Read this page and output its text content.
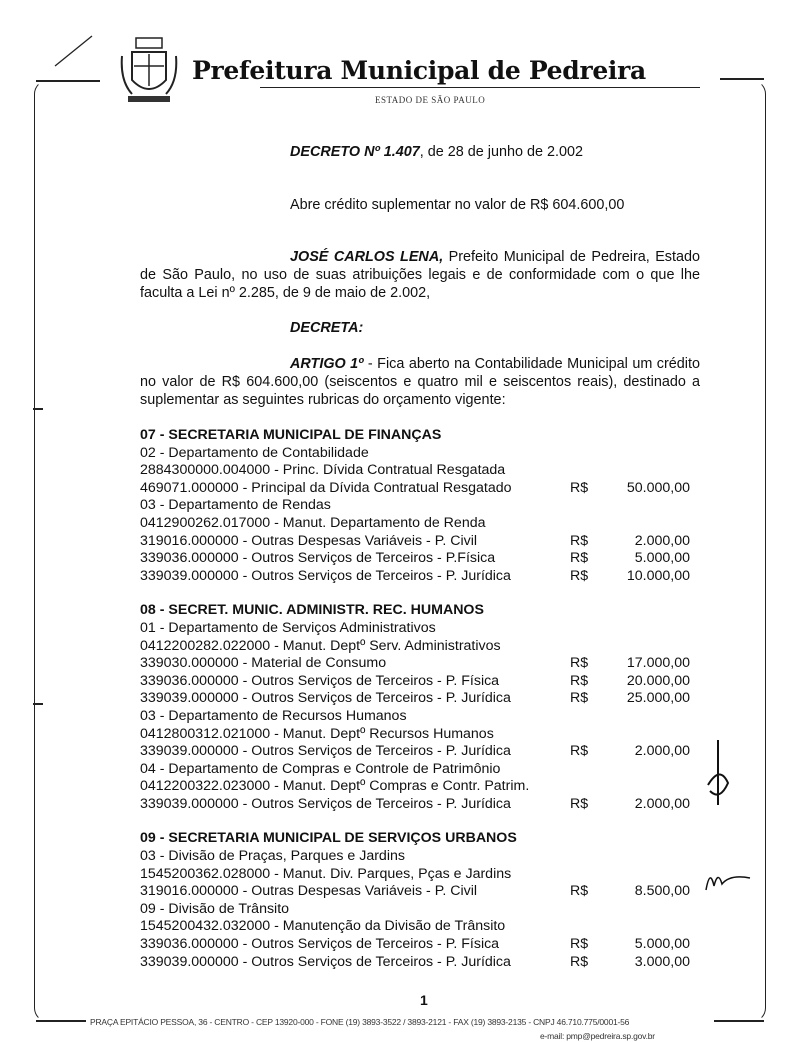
Prefeitura Municipal de Pedreira
ESTADO DE SÃO PAULO
DECRETO Nº 1.407, de 28 de junho de 2.002
Abre crédito suplementar no valor de R$ 604.600,00
JOSÉ CARLOS LENA, Prefeito Municipal de Pedreira, Estado de São Paulo, no uso de suas atribuições legais e de conformidade com o que lhe faculta a Lei nº 2.285, de 9 de maio de 2.002,
DECRETA:
ARTIGO 1º - Fica aberto na Contabilidade Municipal um crédito no valor de R$ 604.600,00 (seiscentos e quatro mil e seiscentos reais), destinado a suplementar as seguintes rubricas do orçamento vigente:
07 - SECRETARIA MUNICIPAL DE FINANÇAS
02 - Departamento de Contabilidade
2884300000.004000 - Princ. Dívida Contratual Resgatada
469071.000000 - Principal da Dívida Contratual Resgatado	R$	50.000,00
03 - Departamento de Rendas
0412900262.017000 - Manut. Departamento de Renda
319016.000000 - Outras Despesas Variáveis - P. Civil	R$	2.000,00
339036.000000 - Outros Serviços de Terceiros - P.Física	R$	5.000,00
339039.000000 - Outros Serviços de Terceiros - P. Jurídica	R$	10.000,00
08 - SECRET. MUNIC. ADMINISTR. REC. HUMANOS
01 - Departamento de Serviços Administrativos
0412200282.022000 - Manut. Deptº Serv. Administrativos
339030.000000 - Material de Consumo	R$	17.000,00
339036.000000 - Outros Serviços de Terceiros - P. Física	R$	20.000,00
339039.000000 - Outros Serviços de Terceiros - P. Jurídica	R$	25.000,00
03 - Departamento de Recursos Humanos
0412800312.021000 - Manut. Deptº Recursos Humanos
339039.000000 - Outros Serviços de Terceiros - P. Jurídica	R$	2.000,00
04 - Departamento de Compras e Controle de Patrimônio
0412200322.023000 - Manut. Deptº Compras e Contr. Patrim.
339039.000000 - Outros Serviços de Terceiros - P. Jurídica	R$	2.000,00
09 - SECRETARIA MUNICIPAL DE SERVIÇOS URBANOS
03 - Divisão de Praças, Parques e Jardins
1545200362.028000 - Manut. Div. Parques, Pças e Jardins
319016.000000 - Outras Despesas Variáveis - P. Civil	R$	8.500,00
09 - Divisão de Trânsito
1545200432.032000 - Manutenção da Divisão de Trânsito
339036.000000 - Outros Serviços de Terceiros - P. Física	R$	5.000,00
339039.000000 - Outros Serviços de Terceiros - P. Jurídica	R$	3.000,00
1
PRAÇA EPITÁCIO PESSOA, 36 - CENTRO - CEP 13920-000 - FONE (19) 3893-3522 / 3893-2121 - FAX (19) 3893-2135 - CNPJ 46.710.775/0001-56
e-mail: pmp@pedreira.sp.gov.br
